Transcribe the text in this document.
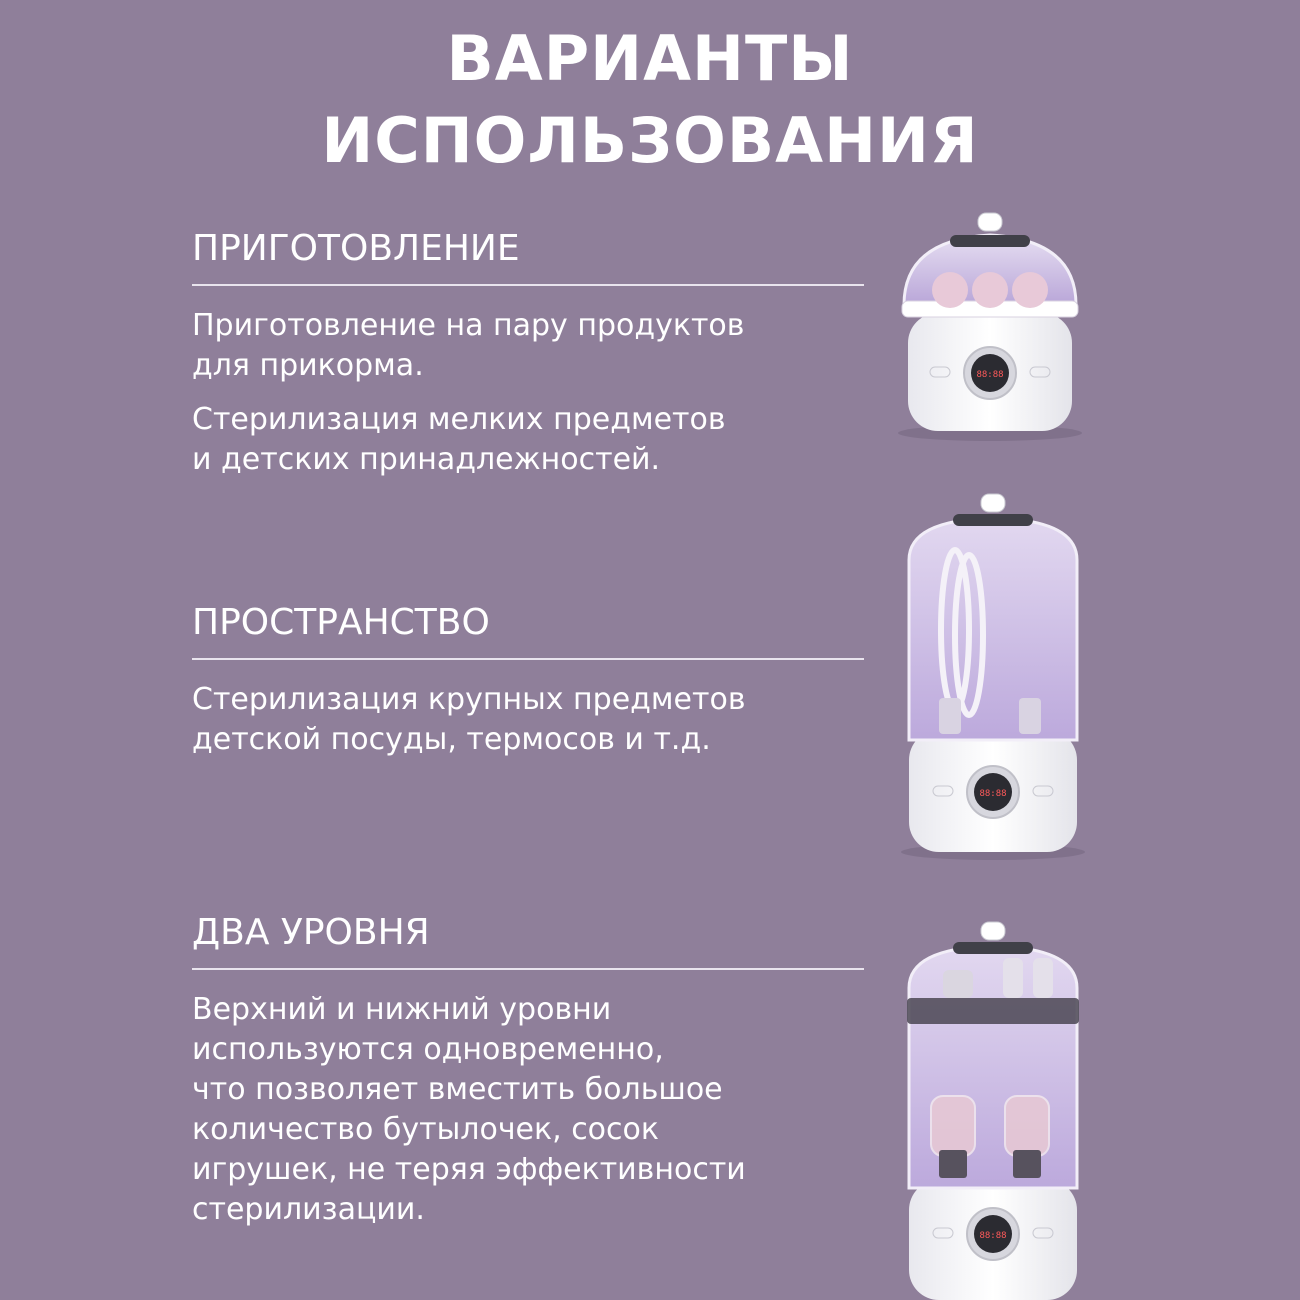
ВАРИАНТЫ
ИСПОЛЬЗОВАНИЯ
ПРИГОТОВЛЕНИЕ
Приготовление на пару продуктов
для прикорма.
Стерилизация мелких предметов
и детских принадлежностей.
ПРОСТРАНСТВО
Стерилизация крупных предметов
детской посуды, термосов и т.д.
ДВА УРОВНЯ
Верхний и нижний уровни
используются одновременно,
что позволяет вместить большое
количество бутылочек, сосок
игрушек, не теряя эффективности
стерилизации.
88:88
88:88
88:88
